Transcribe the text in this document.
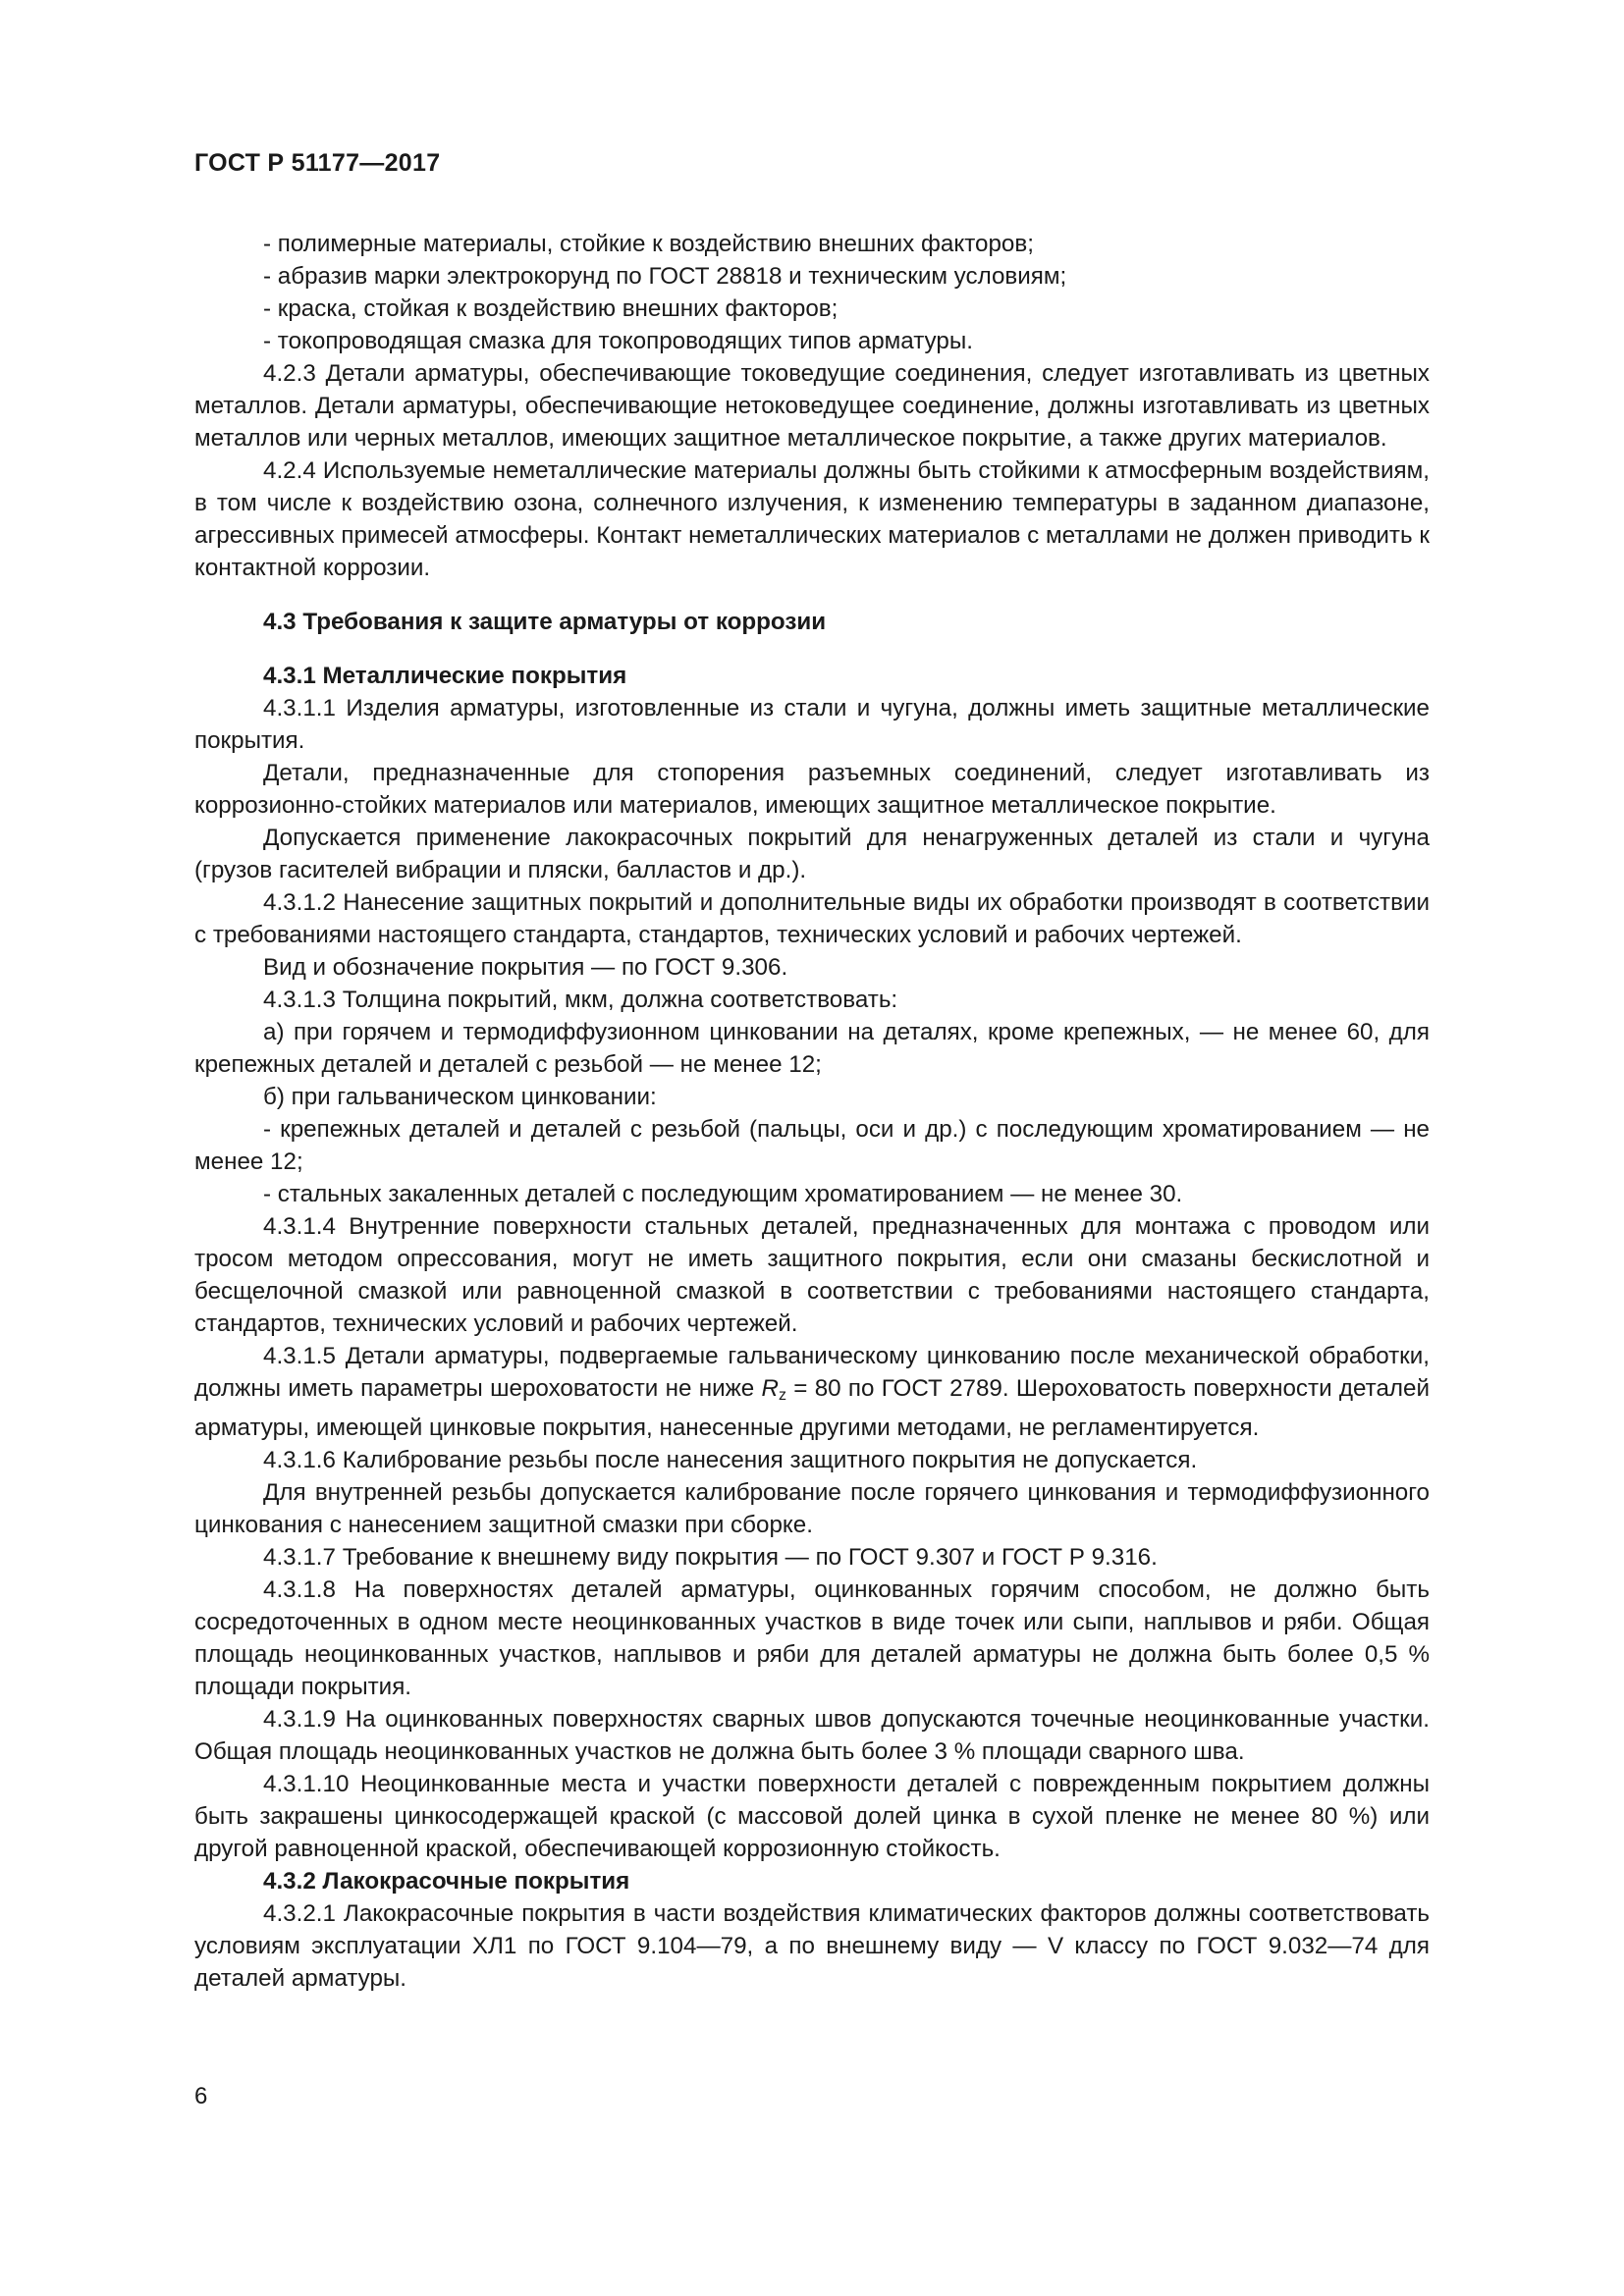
ГОСТ Р 51177—2017

- полимерные материалы, стойкие к воздействию внешних факторов;

- абразив марки электрокорунд по ГОСТ 28818 и техническим условиям;

- краска, стойкая к воздействию внешних факторов;

- токопроводящая смазка для токопроводящих типов арматуры.

4.2.3 Детали арматуры, обеспечивающие токоведущие соединения, следует изготавливать из цветных металлов. Детали арматуры, обеспечивающие нетоковедущее соединение, должны изготавливать из цветных металлов или черных металлов, имеющих защитное металлическое покрытие, а также других материалов.

4.2.4 Используемые неметаллические материалы должны быть стойкими к атмосферным воздействиям, в том числе к воздействию озона, солнечного излучения, к изменению температуры в заданном диапазоне, агрессивных примесей атмосферы. Контакт неметаллических материалов с металлами не должен приводить к контактной коррозии.

4.3 Требования к защите арматуры от коррозии
4.3.1 Металлические покрытия

4.3.1.1 Изделия арматуры, изготовленные из стали и чугуна, должны иметь защитные металлические покрытия.

Детали, предназначенные для стопорения разъемных соединений, следует изготавливать из коррозионно-стойких материалов или материалов, имеющих защитное металлическое покрытие.

Допускается применение лакокрасочных покрытий для ненагруженных деталей из стали и чугуна (грузов гасителей вибрации и пляски, балластов и др.).

4.3.1.2 Нанесение защитных покрытий и дополнительные виды их обработки производят в соответствии с требованиями настоящего стандарта, стандартов, технических условий и рабочих чертежей.

Вид и обозначение покрытия — по ГОСТ 9.306.

4.3.1.3 Толщина покрытий, мкм, должна соответствовать:

а) при горячем и термодиффузионном цинковании на деталях, кроме крепежных, — не менее 60, для крепежных деталей и деталей с резьбой — не менее 12;

б) при гальваническом цинковании:

- крепежных деталей и деталей с резьбой (пальцы, оси и др.) с последующим хроматированием — не менее 12;

- стальных закаленных деталей с последующим хроматированием — не менее 30.

4.3.1.4 Внутренние поверхности стальных деталей, предназначенных для монтажа с проводом или тросом методом опрессования, могут не иметь защитного покрытия, если они смазаны бескислотной и бесщелочной смазкой или равноценной смазкой в соответствии с требованиями настоящего стандарта, стандартов, технических условий и рабочих чертежей.

4.3.1.5 Детали арматуры, подвергаемые гальваническому цинкованию после механической обработки, должны иметь параметры шероховатости не ниже $R_z = 80$ по ГОСТ 2789. Шероховатость поверхности деталей арматуры, имеющей цинковые покрытия, нанесенные другими методами, не регламентируется.

4.3.1.6 Калибрование резьбы после нанесения защитного покрытия не допускается.

Для внутренней резьбы допускается калибрование после горячего цинкования и термодиффузионного цинкования с нанесением защитной смазки при сборке.

4.3.1.7 Требование к внешнему виду покрытия — по ГОСТ 9.307 и ГОСТ Р 9.316.

4.3.1.8 На поверхностях деталей арматуры, оцинкованных горячим способом, не должно быть сосредоточенных в одном месте неоцинкованных участков в виде точек или сыпи, наплывов и ряби. Общая площадь неоцинкованных участков, наплывов и ряби для деталей арматуры не должна быть более 0,5 % площади покрытия.

4.3.1.9 На оцинкованных поверхностях сварных швов допускаются точечные неоцинкованные участки. Общая площадь неоцинкованных участков не должна быть более 3 % площади сварного шва.

4.3.1.10 Неоцинкованные места и участки поверхности деталей с поврежденным покрытием должны быть закрашены цинкосодержащей краской (с массовой долей цинка в сухой пленке не менее 80 %) или другой равноценной краской, обеспечивающей коррозионную стойкость.

4.3.2 Лакокрасочные покрытия

4.3.2.1 Лакокрасочные покрытия в части воздействия климатических факторов должны соответствовать условиям эксплуатации ХЛ1 по ГОСТ 9.104—79, а по внешнему виду — V классу по ГОСТ 9.032—74 для деталей арматуры.

6
